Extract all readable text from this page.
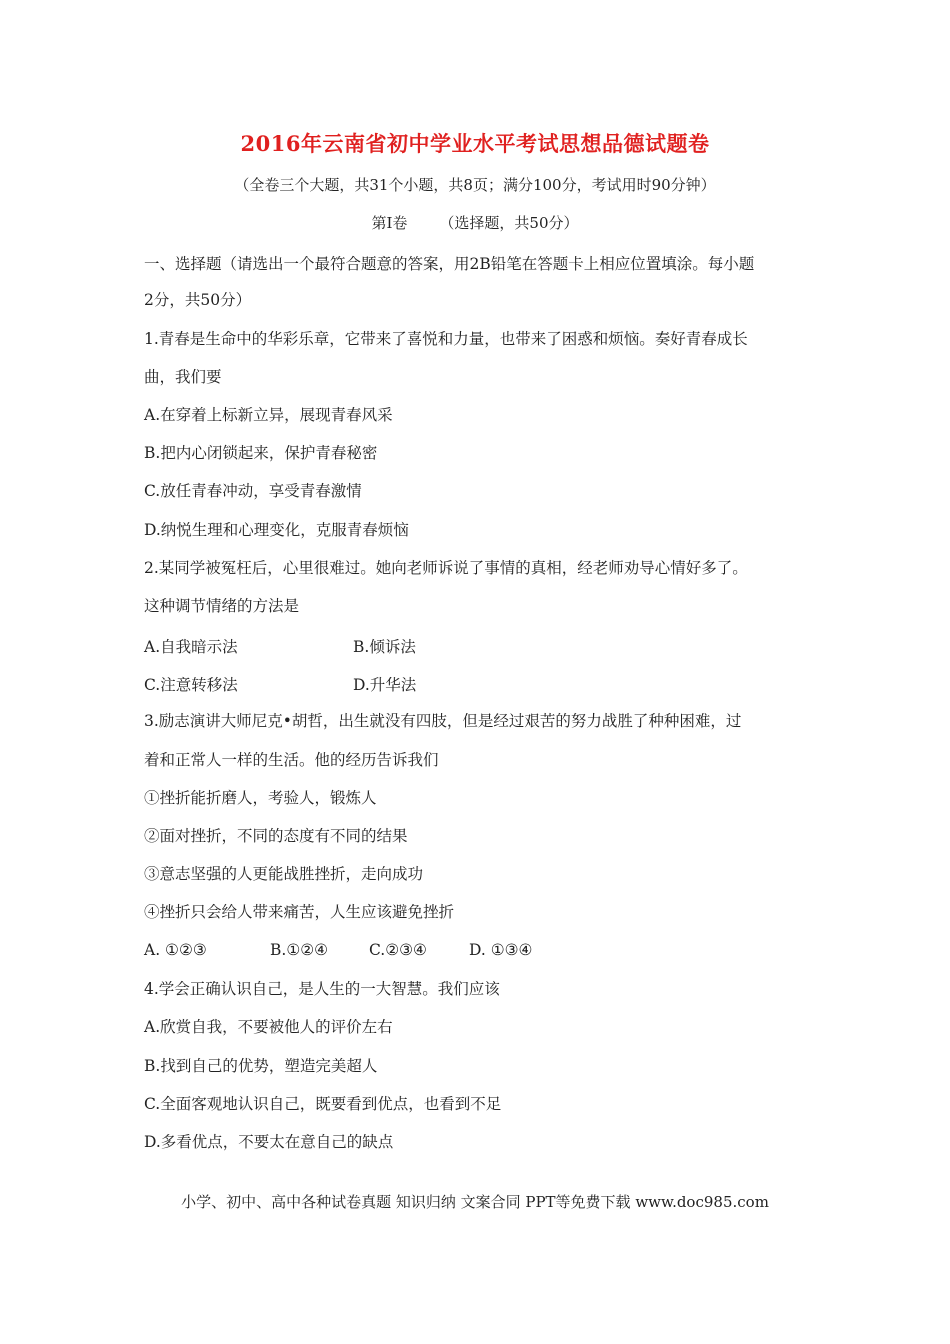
2016年云南省初中学业水平考试思想品德试题卷
（全卷三个大题，共31个小题，共8页；满分100分，考试用时90分钟）
第Ⅰ卷 （选择题，共50分）
一、选择题（请选出一个最符合题意的答案，用2B铅笔在答题卡上相应位置填涂。每小题
2分，共50分）
1.青春是生命中的华彩乐章，它带来了喜悦和力量，也带来了困惑和烦恼。奏好青春成长
曲，我们要
A.在穿着上标新立异，展现青春风采
B.把内心闭锁起来，保护青春秘密
C.放任青春冲动，享受青春激情
D.纳悦生理和心理变化，克服青春烦恼
2.某同学被冤枉后，心里很难过。她向老师诉说了事情的真相，经老师劝导心情好多了。
这种调节情绪的方法是
A.自我暗示法	B.倾诉法
C.注意转移法	D.升华法
3.励志演讲大师尼克•胡哲，出生就没有四肢，但是经过艰苦的努力战胜了种种困难，过
着和正常人一样的生活。他的经历告诉我们
①挫折能折磨人，考验人，锻炼人
②面对挫折，不同的态度有不同的结果
③意志坚强的人更能战胜挫折，走向成功
④挫折只会给人带来痛苦，人生应该避免挫折
A. ①②③	B.①②④	C.②③④	D. ①③④
4.学会正确认识自己，是人生的一大智慧。我们应该
A.欣赏自我，不要被他人的评价左右
B.找到自己的优势，塑造完美超人
C.全面客观地认识自己，既要看到优点，也看到不足
D.多看优点，不要太在意自己的缺点
小学、初中、高中各种试卷真题 知识归纳 文案合同 PPT等免费下载 www.doc985.com
